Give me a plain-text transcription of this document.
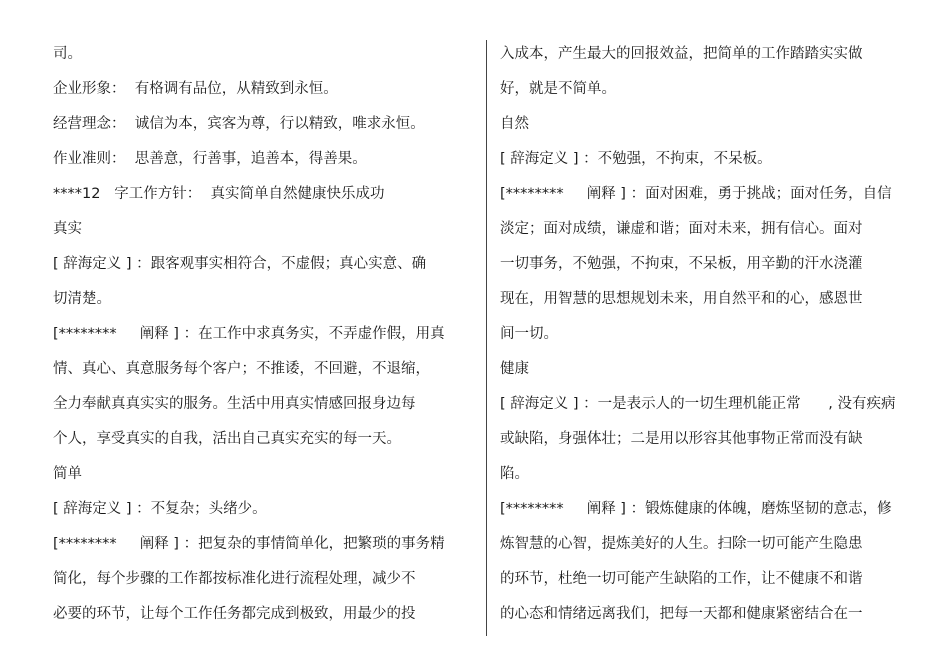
司。
企业形象：  有格调有品位，从精致到永恒。
经营理念：  诚信为本，宾客为尊，行以精致，唯求永恒。
作业准则：  思善意，行善事，追善本，得善果。
****12   字工作方针：  真实简单自然健康快乐成功
真实
[ 辞海定义 ] ：跟客观事实相符合，不虚假；真心实意、确
切清楚。
[********     阐释 ] ：在工作中求真务实，不弄虚作假，用真
情、真心、真意服务每个客户；不推诿，不回避，不退缩，
全力奉献真真实实的服务。生活中用真实情感回报身边每
个人，享受真实的自我，活出自己真实充实的每一天。
简单
[ 辞海定义 ] ：不复杂；头绪少。
[********     阐释 ] ：把复杂的事情简单化，把繁琐的事务精
简化，每个步骤的工作都按标准化进行流程处理，减少不
必要的环节，让每个工作任务都完成到极致，用最少的投
入成本，产生最大的回报效益，把简单的工作踏踏实实做
好，就是不简单。
自然
[ 辞海定义 ] ：不勉强，不拘束，不呆板。
[********     阐释 ] ：面对困难，勇于挑战；面对任务，自信
淡定；面对成绩，谦虚和谐；面对未来，拥有信心。面对
一切事务，不勉强，不拘束，不呆板，用辛勤的汗水浇灌
现在，用智慧的思想规划未来，用自然平和的心，感恩世
间一切。
健康
[ 辞海定义 ] ：一是表示人的一切生理机能正常      , 没有疾病
或缺陷，身强体壮；二是用以形容其他事物正常而没有缺
陷。
[********     阐释 ] ：锻炼健康的体魄，磨炼坚韧的意志，修
炼智慧的心智，提炼美好的人生。扫除一切可能产生隐患
的环节，杜绝一切可能产生缺陷的工作，让不健康不和谐
的心态和情绪远离我们，把每一天都和健康紧密结合在一
